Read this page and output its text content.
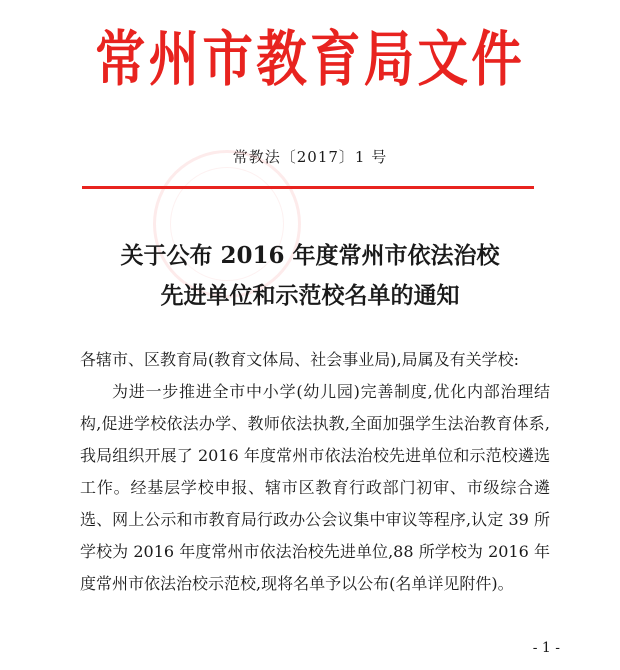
常州市教育局文件
常教法〔2017〕1 号
关于公布 2016 年度常州市依法治校
先进单位和示范校名单的通知

各辖市、区教育局(教育文体局、社会事业局),局属及有关学校:

为进一步推进全市中小学(幼儿园)完善制度,优化内部治理结构,促进学校依法办学、教师依法执教,全面加强学生法治教育体系,我局组织开展了 2016 年度常州市依法治校先进单位和示范校遴选工作。经基层学校申报、辖市区教育行政部门初审、市级综合遴选、网上公示和市教育局行政办公会议集中审议等程序,认定 39 所学校为 2016 年度常州市依法治校先进单位,88 所学校为 2016 年度常州市依法治校示范校,现将名单予以公布(名单详见附件)。

- 1 -
